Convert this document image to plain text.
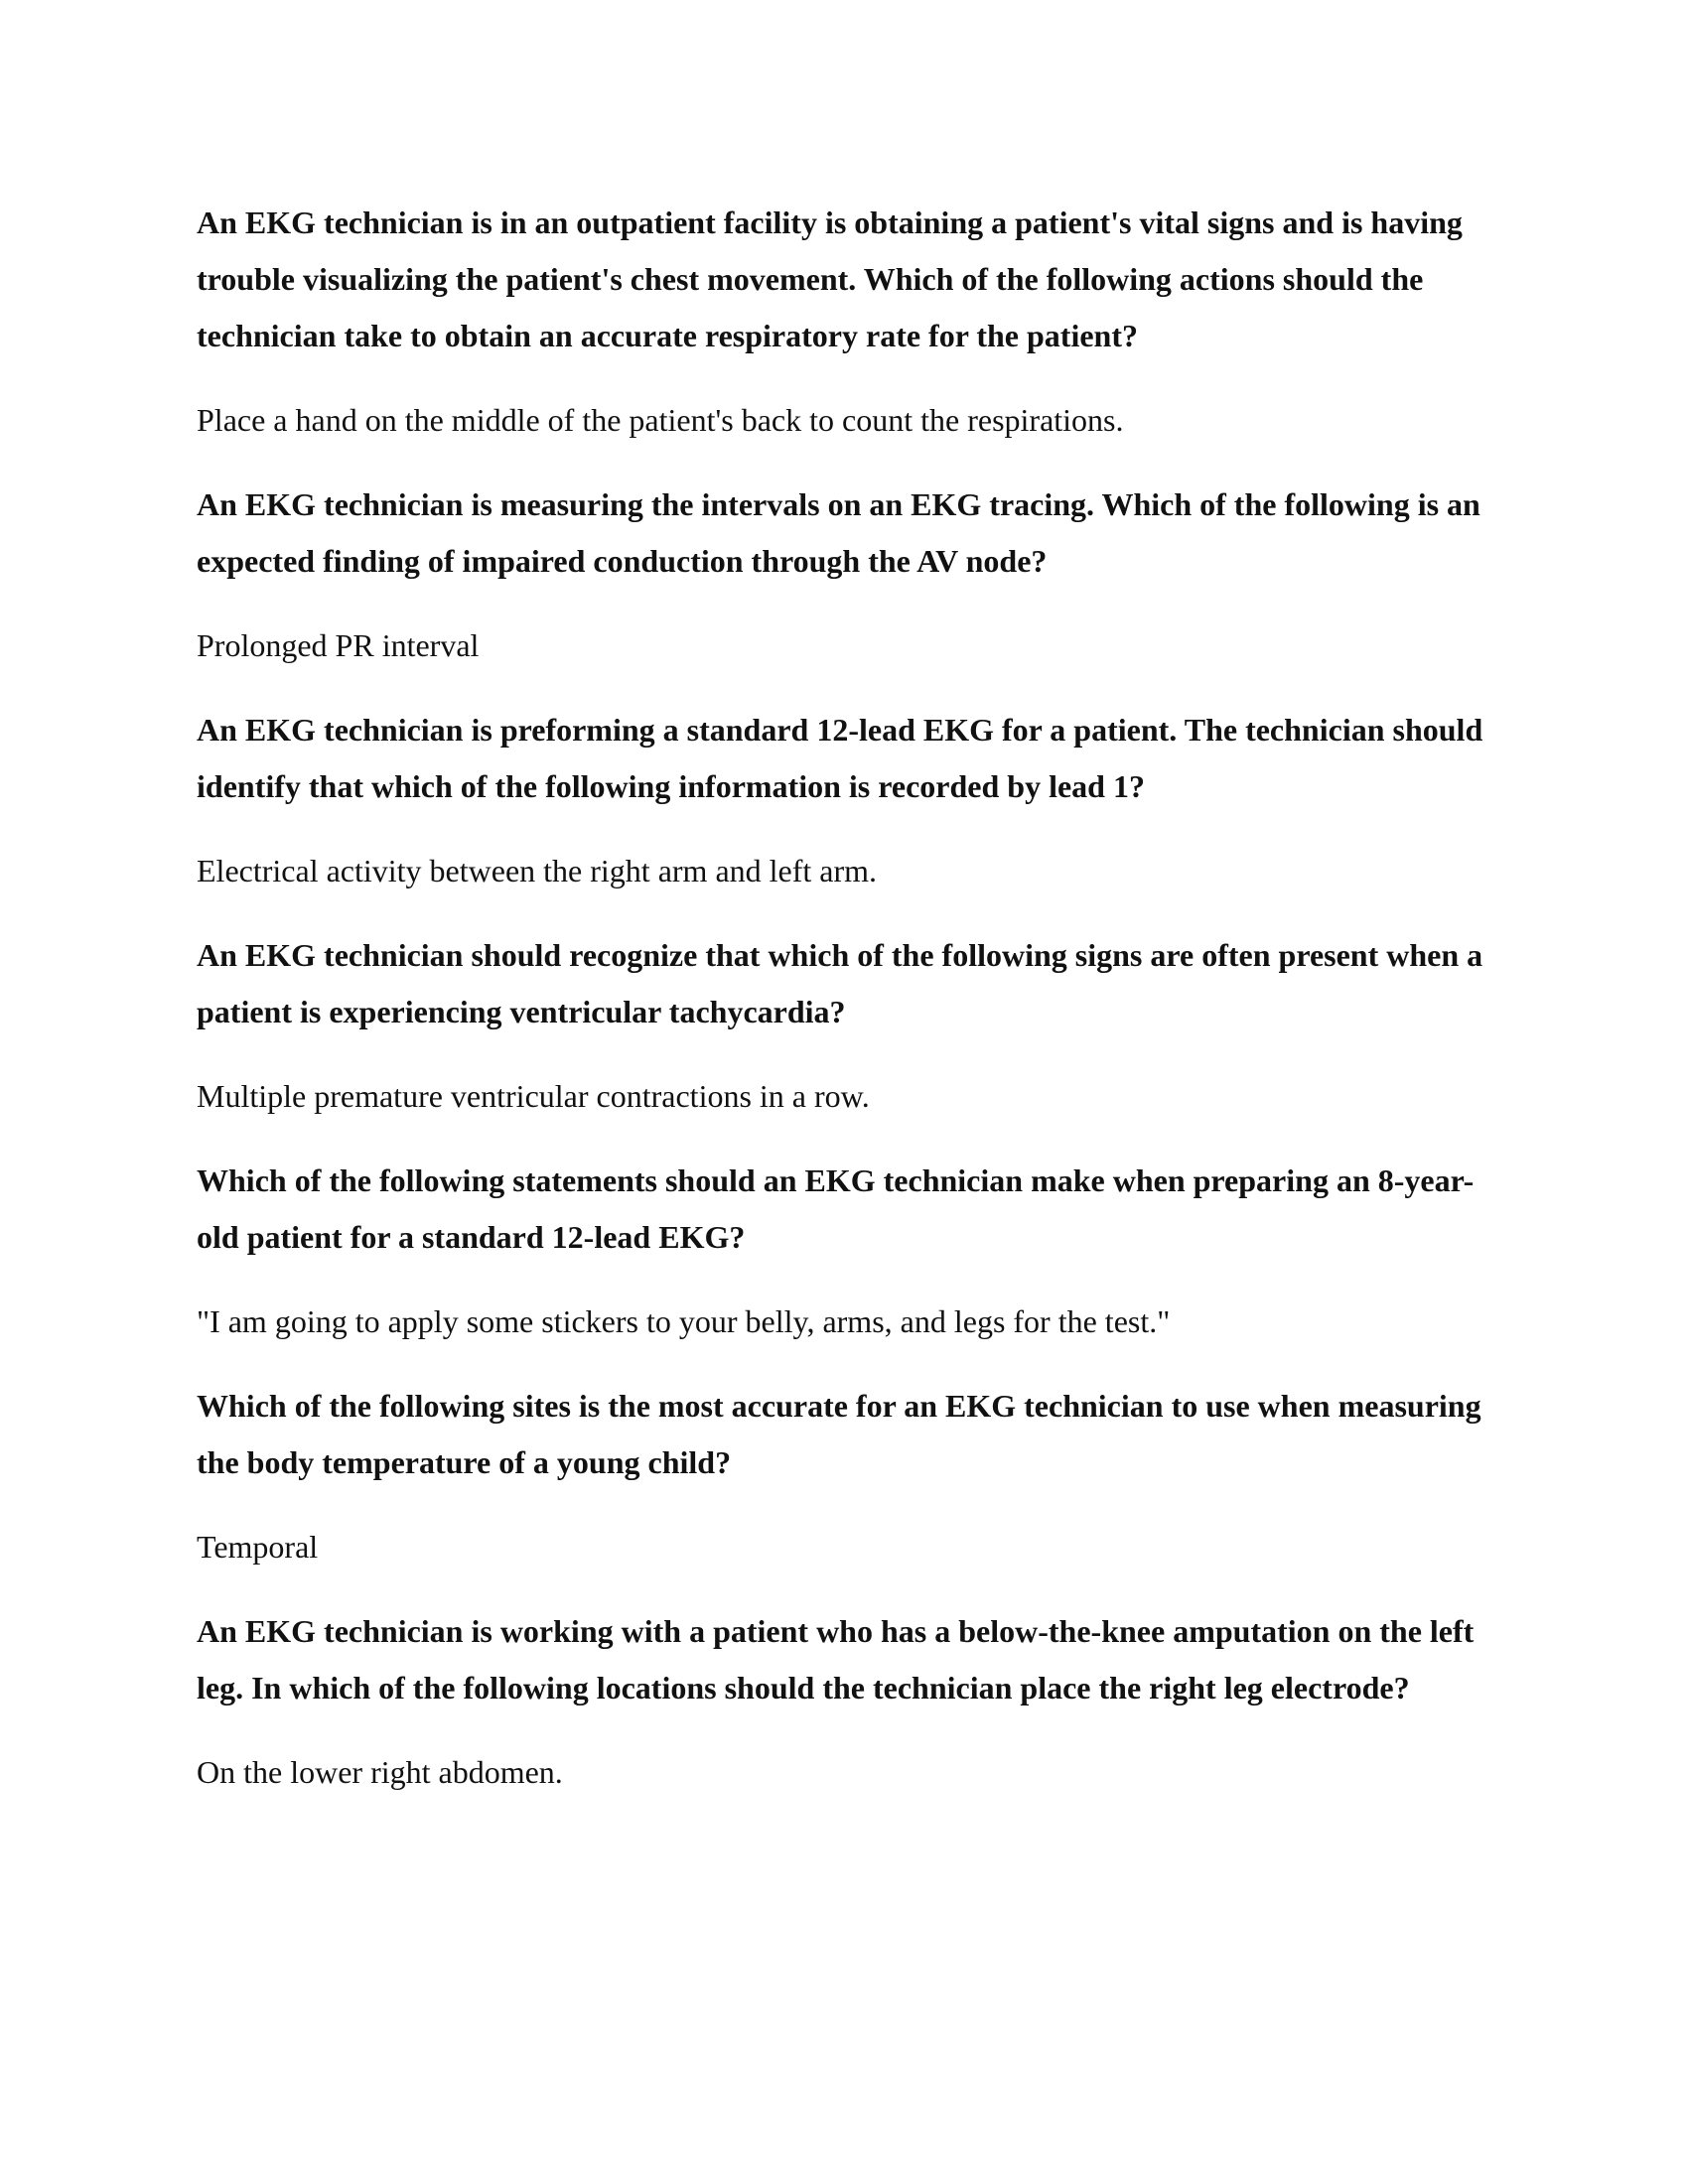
An EKG technician is in an outpatient facility is obtaining a patient's vital signs and is having trouble visualizing the patient's chest movement. Which of the following actions should the technician take to obtain an accurate respiratory rate for the patient?

Place a hand on the middle of the patient's back to count the respirations.

An EKG technician is measuring the intervals on an EKG tracing. Which of the following is an expected finding of impaired conduction through the AV node?

Prolonged PR interval

An EKG technician is preforming a standard 12-lead EKG for a patient. The technician should identify that which of the following information is recorded by lead 1?

Electrical activity between the right arm and left arm.

An EKG technician should recognize that which of the following signs are often present when a patient is experiencing ventricular tachycardia?

Multiple premature ventricular contractions in a row.

Which of the following statements should an EKG technician make when preparing an 8-year-old patient for a standard 12-lead EKG?

"I am going to apply some stickers to your belly, arms, and legs for the test."

Which of the following sites is the most accurate for an EKG technician to use when measuring the body temperature of a young child?

Temporal

An EKG technician is working with a patient who has a below-the-knee amputation on the left leg. In which of the following locations should the technician place the right leg electrode?

On the lower right abdomen.
